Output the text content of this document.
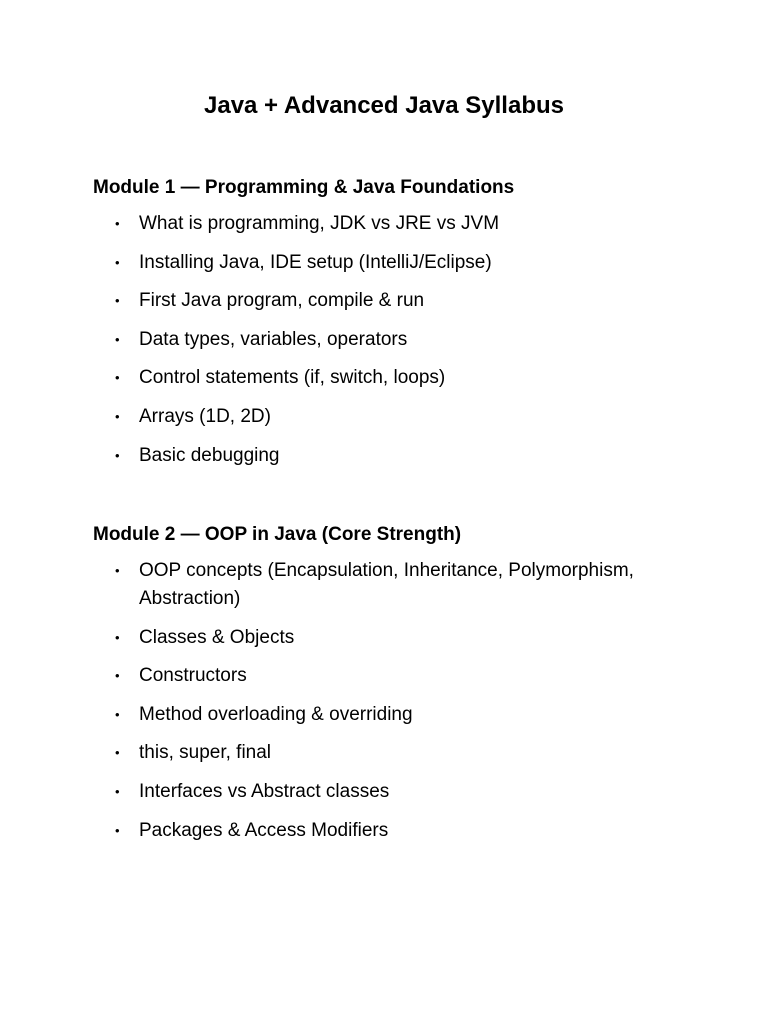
Java + Advanced Java Syllabus
Module 1 — Programming & Java Foundations
• What is programming, JDK vs JRE vs JVM
• Installing Java, IDE setup (IntelliJ/Eclipse)
• First Java program, compile & run
• Data types, variables, operators
• Control statements (if, switch, loops)
• Arrays (1D, 2D)
• Basic debugging
Module 2 — OOP in Java (Core Strength)
• OOP concepts (Encapsulation, Inheritance, Polymorphism, Abstraction)
• Classes & Objects
• Constructors
• Method overloading & overriding
• this, super, final
• Interfaces vs Abstract classes
• Packages & Access Modifiers
